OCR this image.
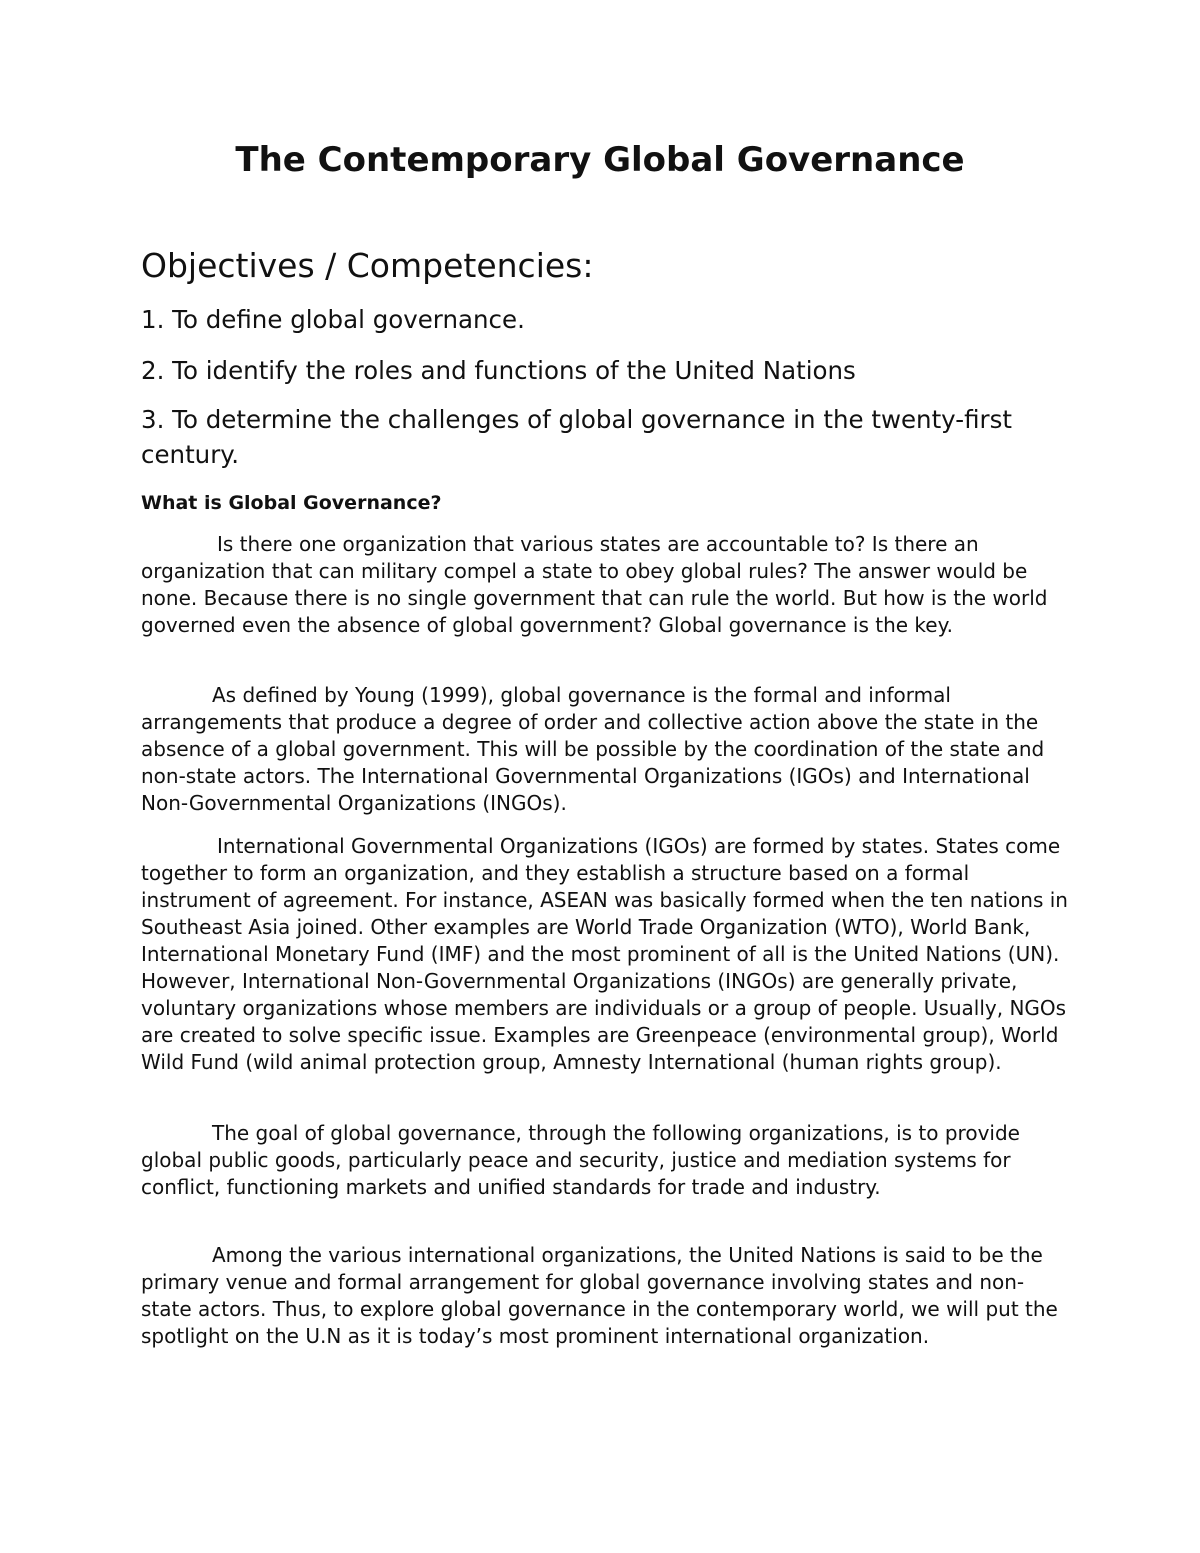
The Contemporary Global Governance
Objectives / Competencies:

1. To define global governance.

2. To identify the roles and functions of the United Nations

3. To determine the challenges of global governance in the twenty-first century.

What is Global Governance?

Is there one organization that various states are accountable to? Is there an organization that can military compel a state to obey global rules? The answer would be none. Because there is no single government that can rule the world. But how is the world governed even the absence of global government? Global governance is the key.

As defined by Young (1999), global governance is the formal and informal arrangements that produce a degree of order and collective action above the state in the absence of a global government. This will be possible by the coordination of the state and non-state actors. The International Governmental Organizations (IGOs) and International Non-Governmental Organizations (INGOs).

International Governmental Organizations (IGOs) are formed by states. States come together to form an organization, and they establish a structure based on a formal instrument of agreement. For instance, ASEAN was basically formed when the ten nations in Southeast Asia joined. Other examples are World Trade Organization (WTO), World Bank, International Monetary Fund (IMF) and the most prominent of all is the United Nations (UN). However, International Non-Governmental Organizations (INGOs) are generally private, voluntary organizations whose members are individuals or a group of people. Usually, NGOs are created to solve specific issue. Examples are Greenpeace (environmental group), World Wild Fund (wild animal protection group, Amnesty International (human rights group).

The goal of global governance, through the following organizations, is to provide global public goods, particularly peace and security, justice and mediation systems for conflict, functioning markets and unified standards for trade and industry.

Among the various international organizations, the United Nations is said to be the primary venue and formal arrangement for global governance involving states and non-state actors. Thus, to explore global governance in the contemporary world, we will put the spotlight on the U.N as it is today’s most prominent international organization.
